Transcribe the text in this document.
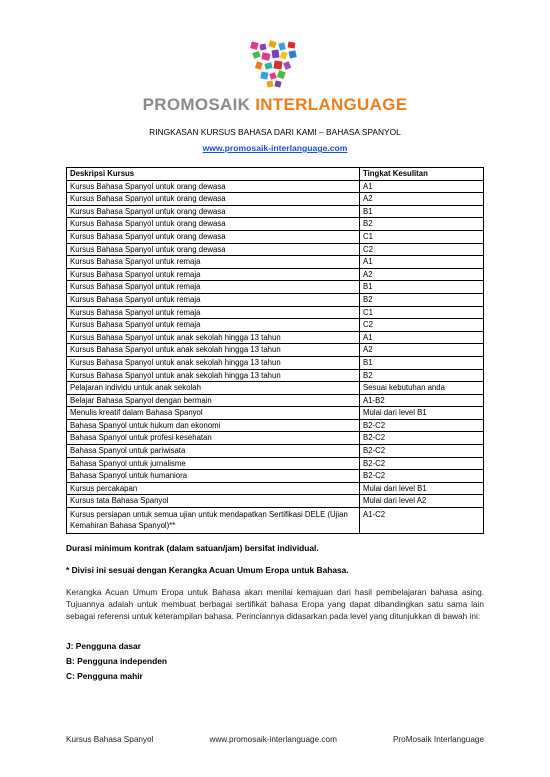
PROMOSAIK INTERLANGUAGE
RINGKASAN KURSUS BAHASA DARI KAMI – BAHASA SPANYOL
www.promosaik-interlanguage.com
Deskripsi Kursus	Tingkat Kesulitan
Kursus Bahasa Spanyol untuk orang dewasa	A1
Kursus Bahasa Spanyol untuk orang dewasa	A2
Kursus Bahasa Spanyol untuk orang dewasa	B1
Kursus Bahasa Spanyol untuk orang dewasa	B2
Kursus Bahasa Spanyol untuk orang dewasa	C1
Kursus Bahasa Spanyol untuk orang dewasa	C2
Kursus Bahasa Spanyol untuk remaja	A1
Kursus Bahasa Spanyol untuk remaja	A2
Kursus Bahasa Spanyol untuk remaja	B1
Kursus Bahasa Spanyol untuk remaja	B2
Kursus Bahasa Spanyol untuk remaja	C1
Kursus Bahasa Spanyol untuk remaja	C2
Kursus Bahasa Spanyol untuk anak sekolah hingga 13 tahun	A1
Kursus Bahasa Spanyol untuk anak sekolah hingga 13 tahun	A2
Kursus Bahasa Spanyol untuk anak sekolah hingga 13 tahun	B1
Kursus Bahasa Spanyol untuk anak sekolah hingga 13 tahun	B2
Pelajaran individu untuk anak sekolah	Sesuai kebutuhan anda
Belajar Bahasa Spanyol dengan bermain	A1-B2
Menulis kreatif dalam Bahasa Spanyol	Mulai dari level B1
Bahasa Spanyol untuk hukum dan ekonomi	B2-C2
Bahasa Spanyol untuk profesi kesehatan	B2-C2
Bahasa Spanyol untuk pariwisata	B2-C2
Bahasa Spanyol untuk jurnalisme	B2-C2
Bahasa Spanyol untuk humaniora	B2-C2
Kursus percakapan	Mulai dari level B1
Kursus tata Bahasa Spanyol	Mulai dari level A2
Kursus persiapan untuk semua ujian untuk mendapatkan Sertifikasi DELE (Ujian Kemahiran Bahasa Spanyol)**	A1-C2
Durasi minimum kontrak (dalam satuan/jam) bersifat individual.
* Divisi ini sesuai dengan Kerangka Acuan Umum Eropa untuk Bahasa.
Kerangka Acuan Umum Eropa untuk Bahasa akan menilai kemajuan dari hasil pembelajaran bahasa asing. Tujuannya adalah untuk membuat berbagai sertifikat bahasa Eropa yang dapat dibandingkan satu sama lain sebagai referensi untuk keterampilan bahasa. Perinciannya didasarkan pada level yang ditunjukkan di bawah ini:
J: Pengguna dasar
B: Pengguna independen
C: Pengguna mahir
Kursus Bahasa Spanyol	www.promosaik-interlanguage.com	ProMosaik Interlanguage
